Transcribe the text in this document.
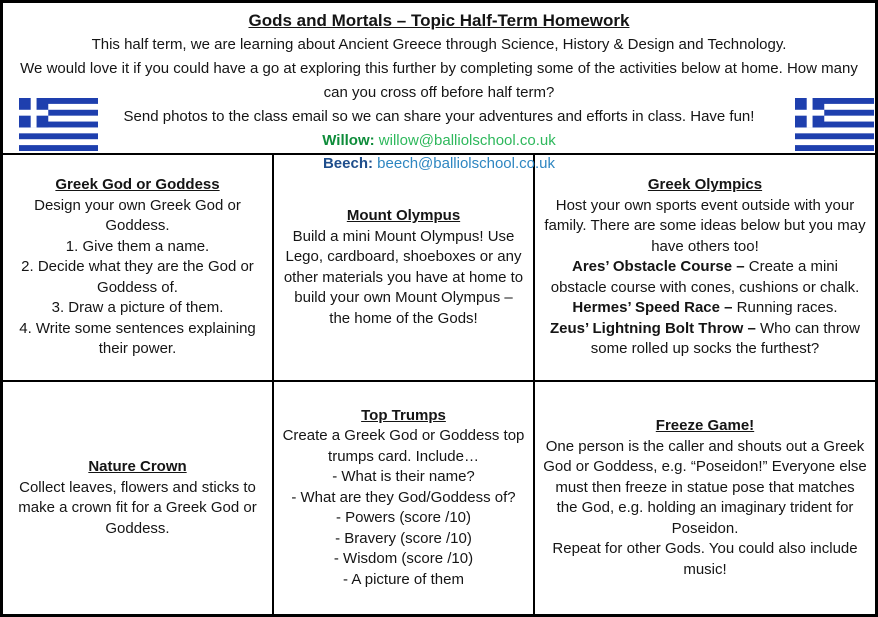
Gods and Mortals – Topic Half-Term Homework
This half term, we are learning about Ancient Greece through Science, History & Design and Technology.
We would love it if you could have a go at exploring this further by completing some of the activities below at home. How many can you cross off before half term?
Send photos to the class email so we can share your adventures and efforts in class. Have fun!
Willow: willow@balliolschool.co.uk
Beech: beech@balliolschool.co.uk
Greek God or Goddess
Design your own Greek God or Goddess.
1. Give them a name.
2. Decide what they are the God or Goddess of.
3. Draw a picture of them.
4. Write some sentences explaining their power.
Mount Olympus
Build a mini Mount Olympus! Use Lego, cardboard, shoeboxes or any other materials you have at home to build your own Mount Olympus – the home of the Gods!
Greek Olympics
Host your own sports event outside with your family. There are some ideas below but you may have others too!
Ares’ Obstacle Course – Create a mini obstacle course with cones, cushions or chalk.
Hermes’ Speed Race – Running races.
Zeus’ Lightning Bolt Throw – Who can throw some rolled up socks the furthest?
Nature Crown
Collect leaves, flowers and sticks to make a crown fit for a Greek God or Goddess.
Top Trumps
Create a Greek God or Goddess top trumps card. Include…
- What is their name?
- What are they God/Goddess of?
- Powers (score /10)
- Bravery (score /10)
- Wisdom (score /10)
- A picture of them
Freeze Game!
One person is the caller and shouts out a Greek God or Goddess, e.g. “Poseidon!” Everyone else must then freeze in statue pose that matches the God, e.g. holding an imaginary trident for Poseidon.
Repeat for other Gods. You could also include music!
